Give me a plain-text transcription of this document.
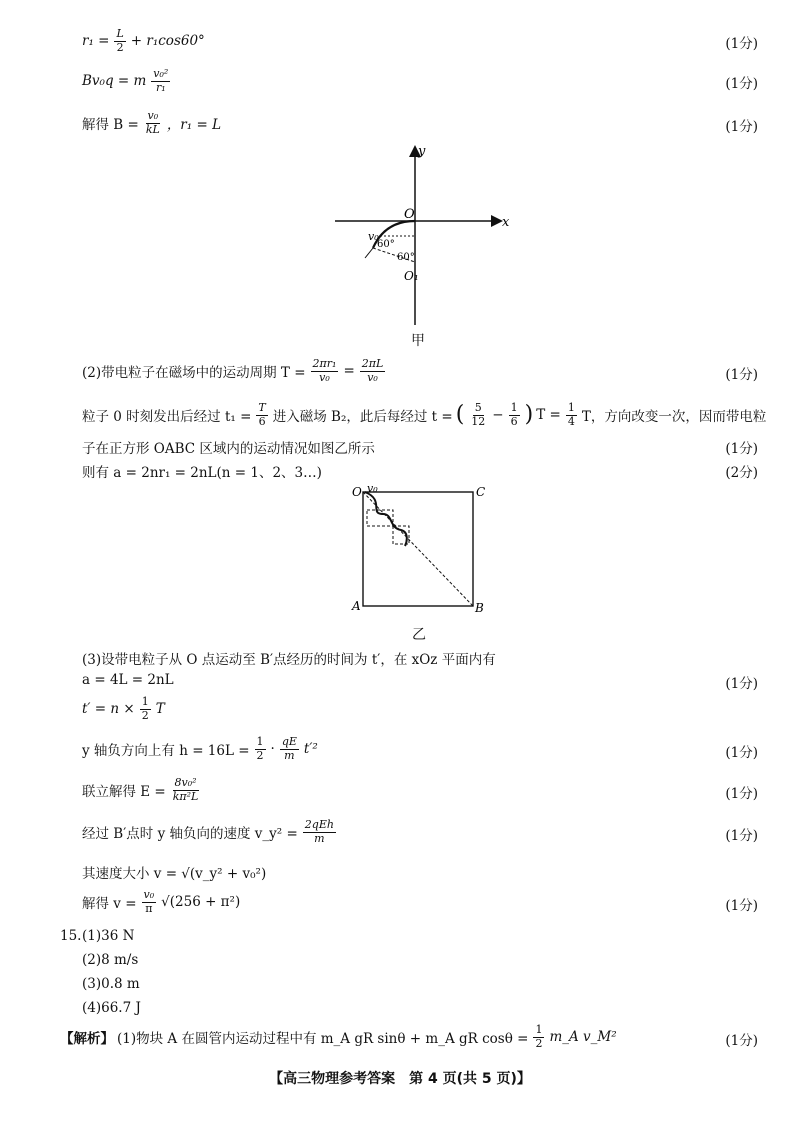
$r_1 = \frac{L}{2} + r_1\cos 60^\circ$	(1分)
Bv₀q = m $\frac{\text{v₀²}}{\text{r₁}}$	(1分)
解得 $B = \frac{\text{v₀}}{kL}$ ，r₁ = L	(1分)
y
x
O
O₁
v₀
60°
60°
甲
(2)带电粒子在磁场中的运动周期 $T = \frac{\text{2πr₁}}{\text{v₀}} = \frac{2\pi L}{\text{v₀}}$	(1分)
粒子 0 时刻发出后经过 $t_1 = \frac{T}{6}$ 进入磁场 B₂，此后每经过 t = ( $\frac{5}{12} - \frac{1}{6}$ ) $T = \frac{1}{4}$ T，方向改变一次，因而带电粒
子在正方形 OABC 区域内的运动情况如图乙所示	(1分)
则有 a = 2nr₁ = 2nL(n = 1、2、3…)	(2分)
O v₀	C
A	B
乙
(3)设带电粒子从 O 点运动至 B′点经历的时间为 t′，在 xOz 平面内有
a = 4L = 2nL	(1分)
$t' = n \times \frac{1}{2}$ T
y 轴负方向上有 $h = 16L = \frac{1}{2} \cdot \frac{qE}{m} t'^2$	(1分)
联立解得 $E = \frac{\text{8v₀²}}{\text{kπ²L}}$	(1分)
经过 B′点时 y 轴负向的速度 v_y² = $\frac{\text{2qEh}}{m}$	(1分)
其速度大小 v = √(v_y² + v₀²)
解得 $v = \frac{\text{v₀}}{\pi} √(256 + \pi^2)$	(1分)
15. (1)36 N
(2)8 m/s
(3)0.8 m
(4)66.7 J
【解析】 (1)物块 A 在圆管内运动过程中有 m_A gR sinθ + m_A gR $\cos\theta = \frac{1}{2}$ m_A v_M²	(1分)
【高三物理参考答案　第 4 页(共 5 页)】
